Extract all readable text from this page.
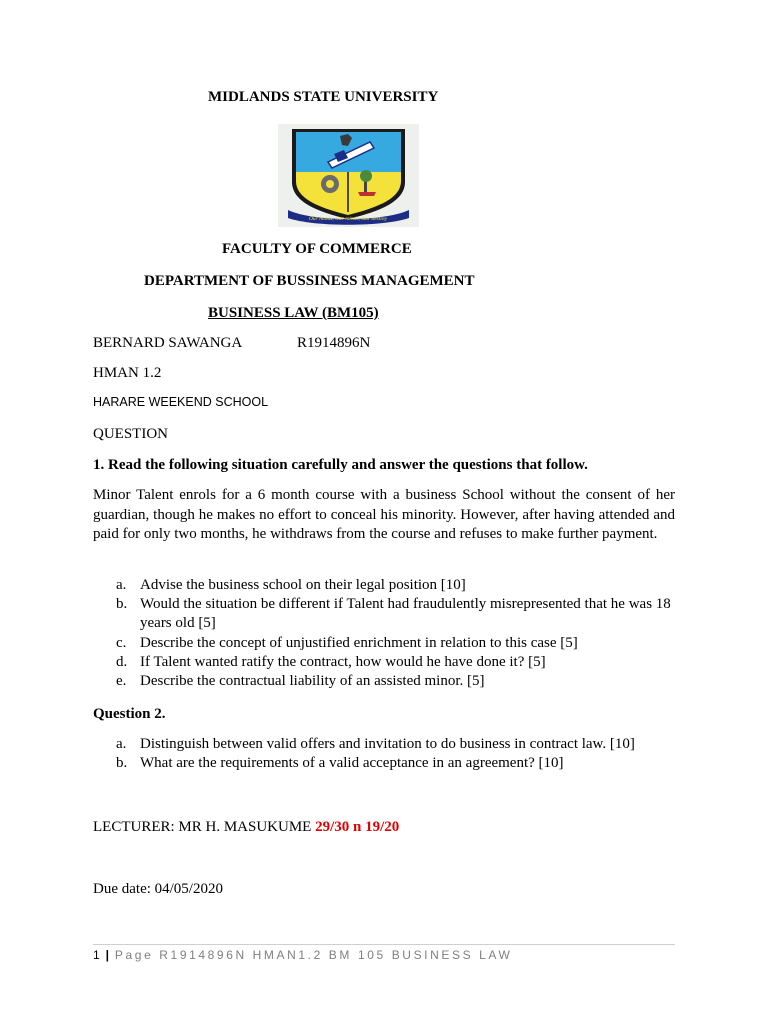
MIDLANDS STATE UNIVERSITY
Our hands, Our minds, Our destiny
FACULTY OF COMMERCE
DEPARTMENT OF BUSSINESS MANAGEMENT
BUSINESS LAW (BM105)
BERNARD SAWANGA	R1914896N
HMAN 1.2
HARARE WEEKEND SCHOOL
QUESTION
1. Read the following situation carefully and answer the questions that follow.
Minor Talent enrols for a 6 month course with a business School without the consent of her guardian, though he makes no effort to conceal his minority. However, after having attended and paid for only two months, he withdraws from the course and refuses to make further payment.
a. Advise the business school on their legal position [10]
b. Would the situation be different if Talent had fraudulently misrepresented that he was 18 years old [5]
c. Describe the concept of unjustified enrichment in relation to this case [5]
d. If Talent wanted ratify the contract, how would he have done it? [5]
e. Describe the contractual liability of an assisted minor. [5]
Question 2.
a. Distinguish between valid offers and invitation to do business in contract law. [10]
b. What are the requirements of a valid acceptance in an agreement? [10]
LECTURER: MR H. MASUKUME 29/30 n 19/20
Due date: 04/05/2020
1 | Page R1914896N HMAN1.2 BM 105 BUSINESS LAW
